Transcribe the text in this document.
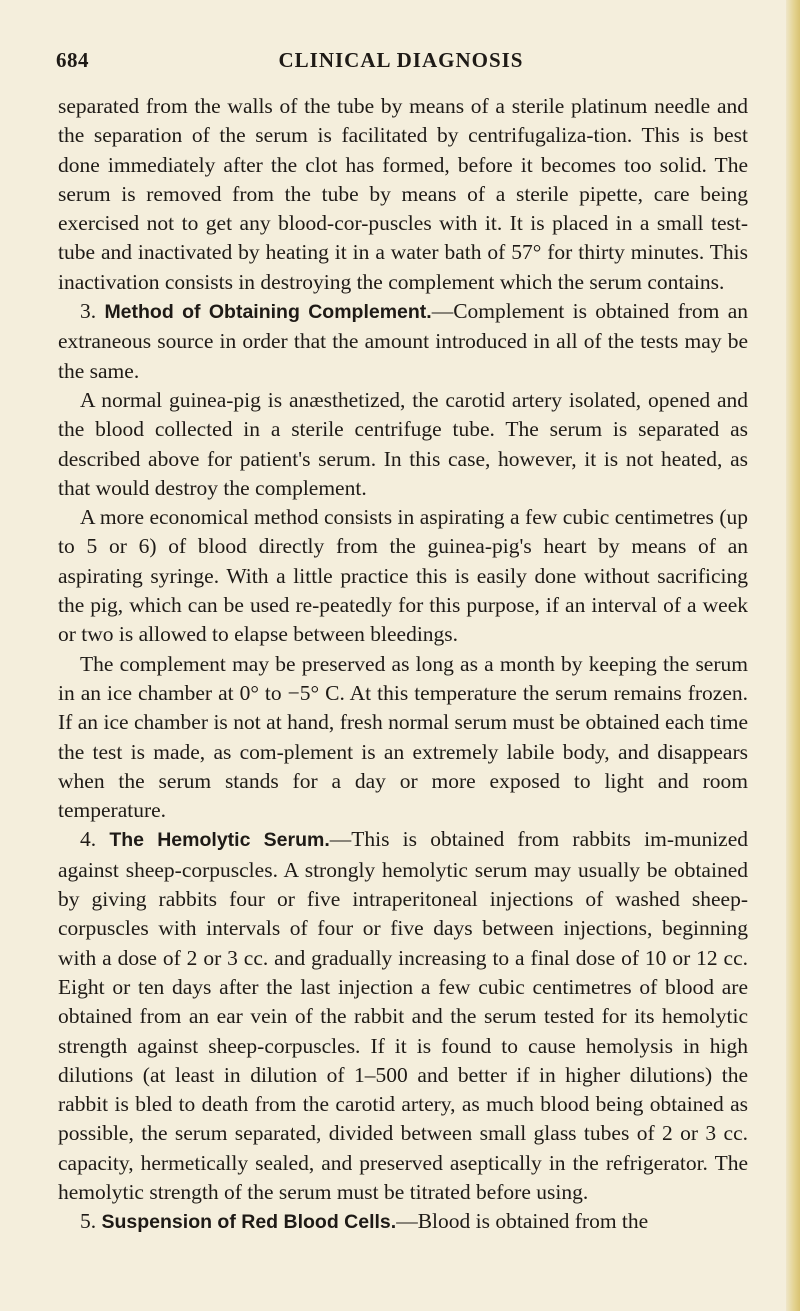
684	CLINICAL DIAGNOSIS

separated from the walls of the tube by means of a sterile platinum needle and the separation of the serum is facilitated by centrifugaliza-tion. This is best done immediately after the clot has formed, before it becomes too solid. The serum is removed from the tube by means of a sterile pipette, care being exercised not to get any blood-cor-puscles with it. It is placed in a small test-tube and inactivated by heating it in a water bath of 57° for thirty minutes. This inactivation consists in destroying the complement which the serum contains.

3. Method of Obtaining Complement.—Complement is obtained from an extraneous source in order that the amount introduced in all of the tests may be the same.

A normal guinea-pig is anæsthetized, the carotid artery isolated, opened and the blood collected in a sterile centrifuge tube. The serum is separated as described above for patient's serum. In this case, however, it is not heated, as that would destroy the complement.

A more economical method consists in aspirating a few cubic centimetres (up to 5 or 6) of blood directly from the guinea-pig's heart by means of an aspirating syringe. With a little practice this is easily done without sacrificing the pig, which can be used re-peatedly for this purpose, if an interval of a week or two is allowed to elapse between bleedings.

The complement may be preserved as long as a month by keeping the serum in an ice chamber at 0° to −5° C. At this temperature the serum remains frozen. If an ice chamber is not at hand, fresh normal serum must be obtained each time the test is made, as com-plement is an extremely labile body, and disappears when the serum stands for a day or more exposed to light and room temperature.

4. The Hemolytic Serum.—This is obtained from rabbits im-munized against sheep-corpuscles. A strongly hemolytic serum may usually be obtained by giving rabbits four or five intraperitoneal injections of washed sheep-corpuscles with intervals of four or five days between injections, beginning with a dose of 2 or 3 cc. and gradually increasing to a final dose of 10 or 12 cc. Eight or ten days after the last injection a few cubic centimetres of blood are obtained from an ear vein of the rabbit and the serum tested for its hemolytic strength against sheep-corpuscles. If it is found to cause hemolysis in high dilutions (at least in dilution of 1–500 and better if in higher dilutions) the rabbit is bled to death from the carotid artery, as much blood being obtained as possible, the serum separated, divided between small glass tubes of 2 or 3 cc. capacity, hermetically sealed, and preserved aseptically in the refrigerator. The hemolytic strength of the serum must be titrated before using.

5. Suspension of Red Blood Cells.—Blood is obtained from the
